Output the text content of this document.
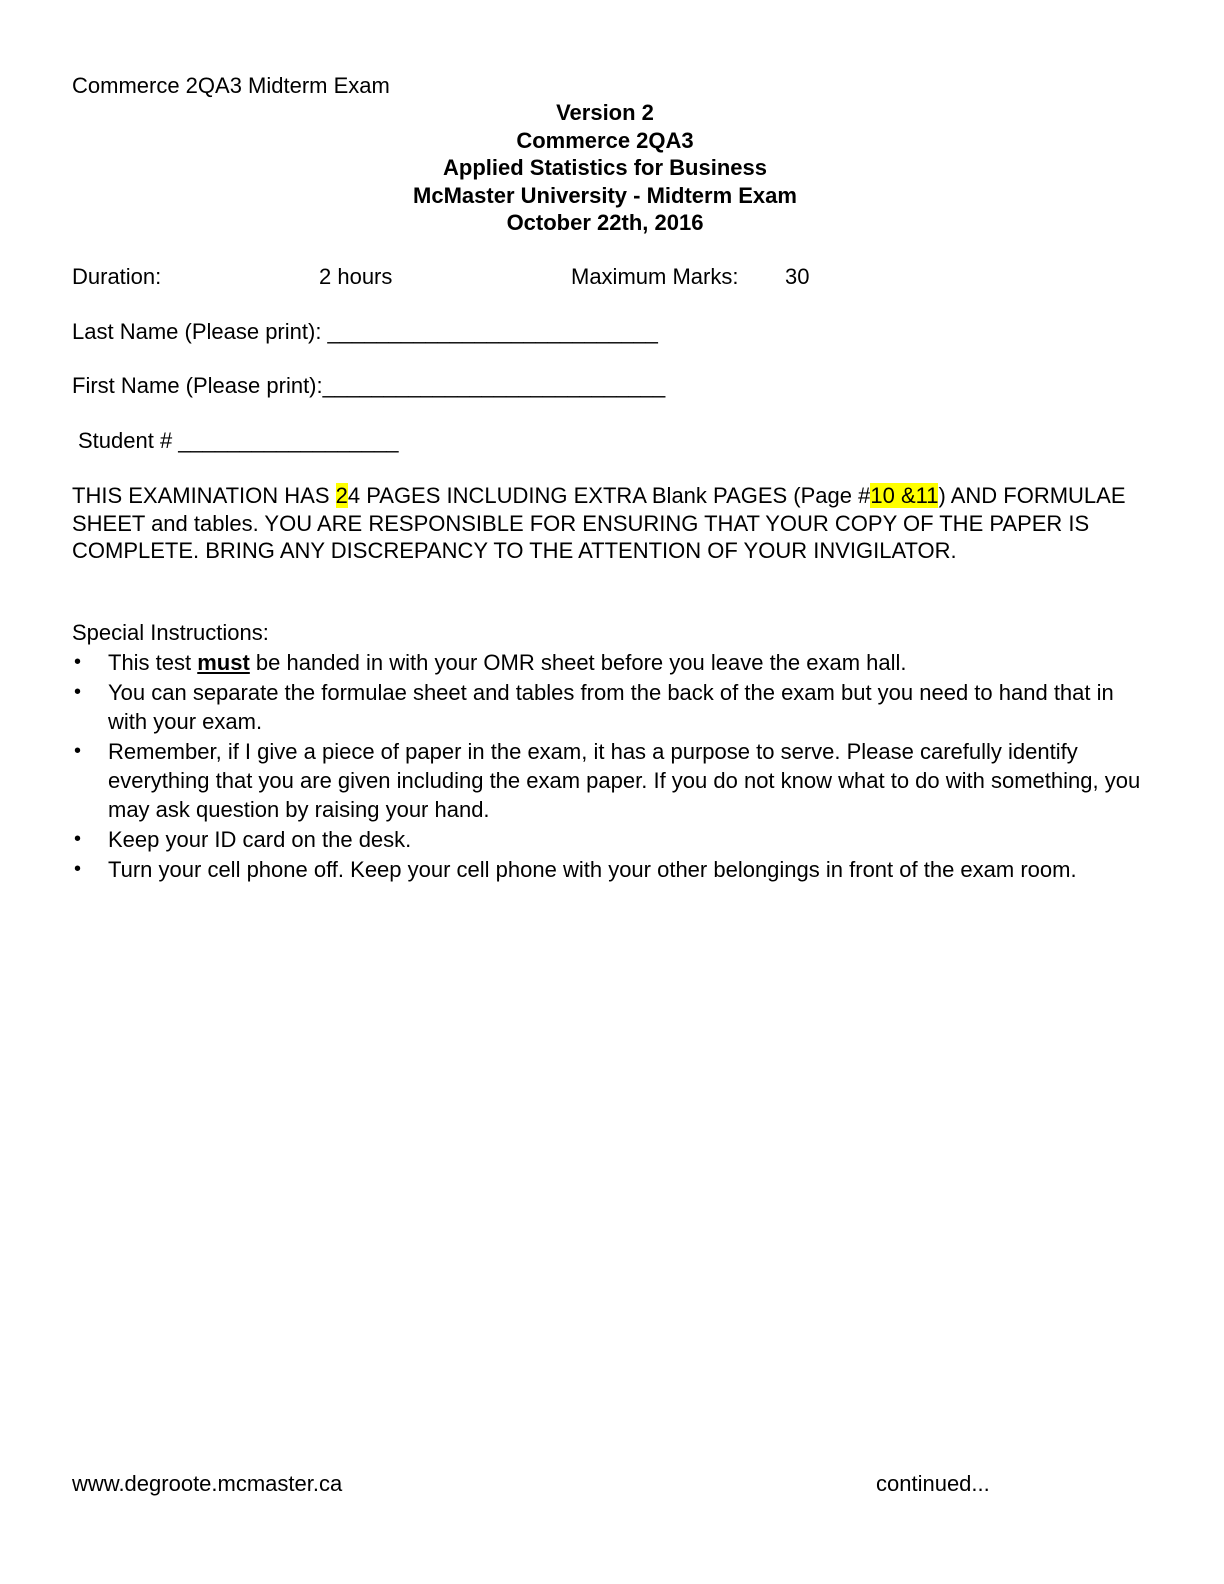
Commerce 2QA3 Midterm Exam
Version 2
Commerce 2QA3
Applied Statistics for Business
McMaster University - Midterm Exam
October 22th, 2016
Duration:	2 hours	Maximum Marks: 30
Last Name (Please print): ___________________________
First Name (Please print):____________________________
Student # __________________
THIS EXAMINATION HAS 24 PAGES INCLUDING EXTRA Blank PAGES (Page #10 &11) AND FORMULAE SHEET and tables. YOU ARE RESPONSIBLE FOR ENSURING THAT YOUR COPY OF THE PAPER IS COMPLETE. BRING ANY DISCREPANCY TO THE ATTENTION OF YOUR INVIGILATOR.
Special Instructions:
• This test must be handed in with your OMR sheet before you leave the exam hall.
• You can separate the formulae sheet and tables from the back of the exam but you need to hand that in with your exam.
• Remember, if I give a piece of paper in the exam, it has a purpose to serve. Please carefully identify everything that you are given including the exam paper. If you do not know what to do with something, you may ask question by raising your hand.
• Keep your ID card on the desk.
• Turn your cell phone off. Keep your cell phone with your other belongings in front of the exam room.
www.degroote.mcmaster.ca	continued...
